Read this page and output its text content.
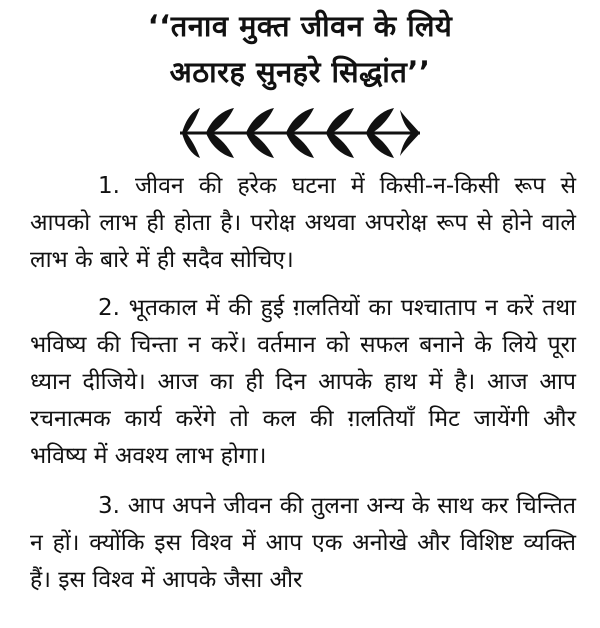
‘‘तनाव मुक्त जीवन के लिये
अठारह सुनहरे सिद्धांत’’

1. जीवन की हरेक घटना में किसी-न-किसी रूप से आपको लाभ ही होता है। परोक्ष अथवा अपरोक्ष रूप से होने वाले लाभ के बारे में ही सदैव सोचिए।

2. भूतकाल में की हुई ग़लतियों का पश्चाताप न करें तथा भविष्य की चिन्ता न करें। वर्तमान को सफल बनाने के लिये पूरा ध्यान दीजिये। आज का ही दिन आपके हाथ में है। आज आप रचनात्मक कार्य करेंगे तो कल की ग़लतियाँ मिट जायेंगी और भविष्य में अवश्य लाभ होगा।

3. आप अपने जीवन की तुलना अन्य के साथ कर चिन्तित न हों। क्योंकि इस विश्व में आप एक अनोखे और विशिष्ट व्यक्ति हैं। इस विश्व में आपके जैसा और
